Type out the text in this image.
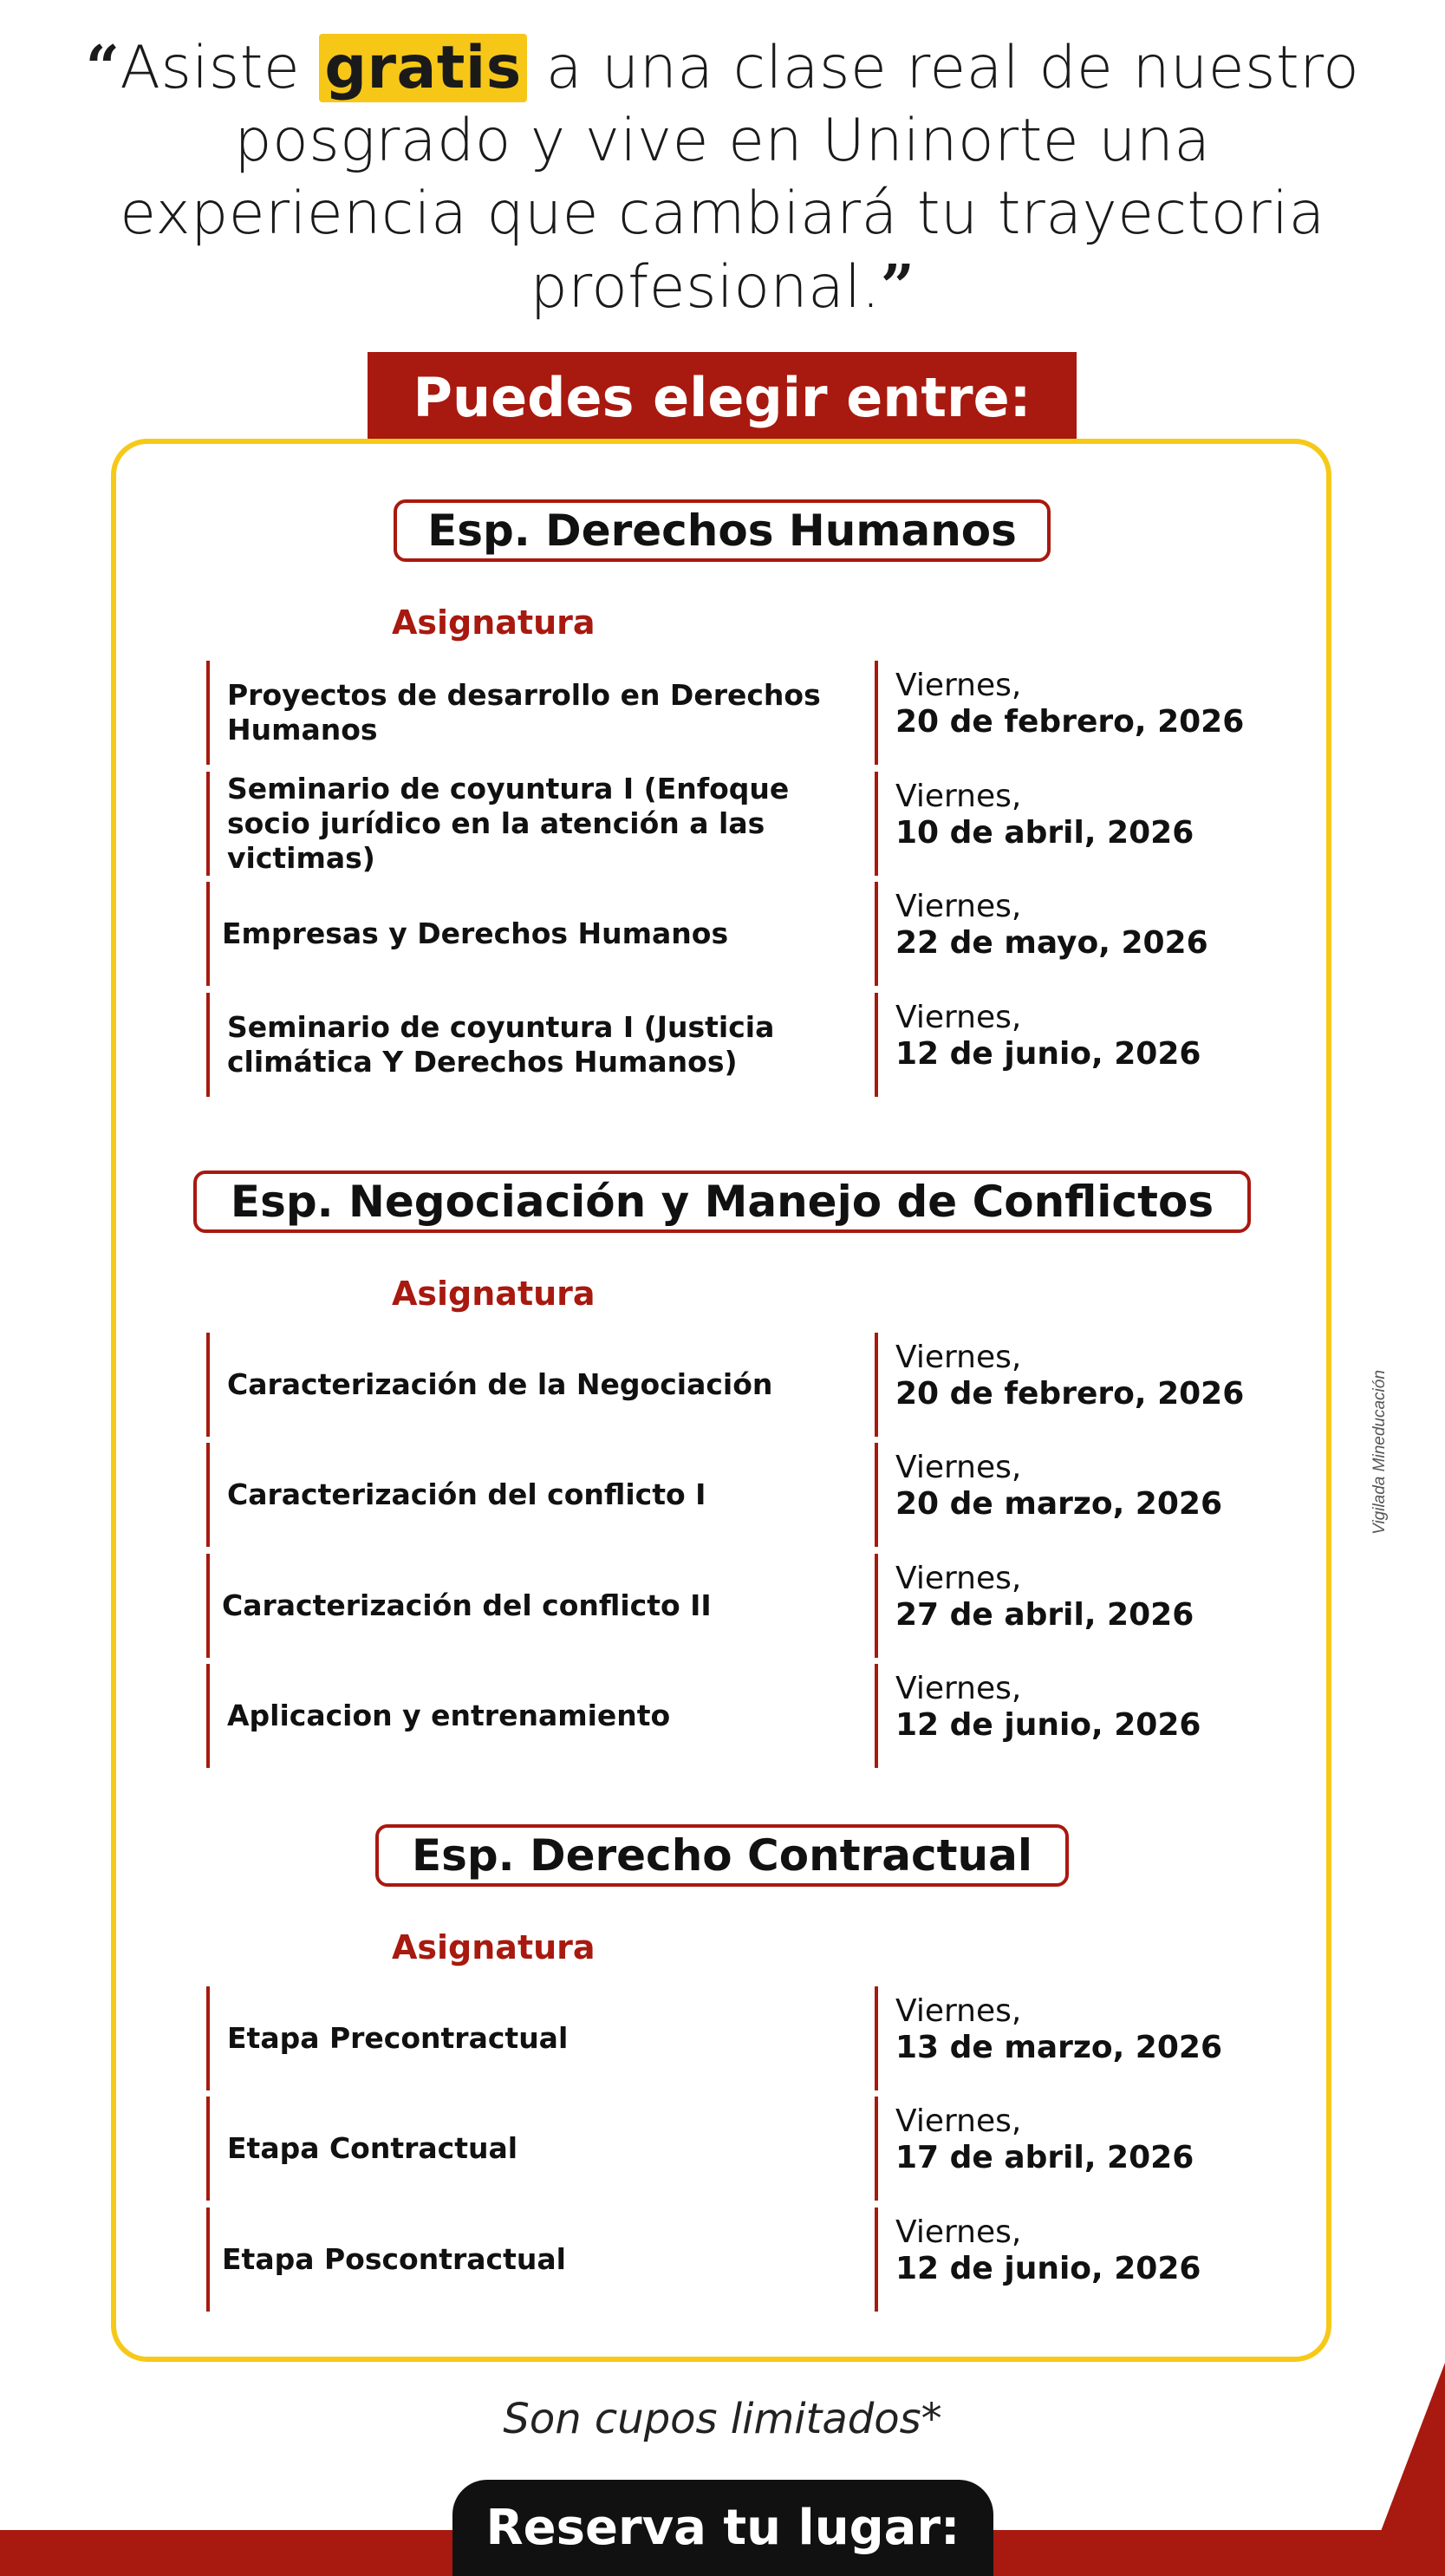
“Asiste gratis a una clase real de nuestro posgrado y vive en Uninorte una experiencia que cambiará tu trayectoria profesional.”
Puedes elegir entre:
Esp. Derechos Humanos
Asignatura
Proyectos de desarrollo en Derechos Humanos
Viernes,
20 de febrero, 2026
Seminario de coyuntura I (Enfoque socio jurídico en la atención a las victimas)
Viernes,
10 de abril, 2026
Empresas y Derechos Humanos
Viernes,
22 de mayo, 2026
Seminario de coyuntura I (Justicia climática Y Derechos Humanos)
Viernes,
12 de junio, 2026
Esp. Negociación y Manejo de Conflictos
Asignatura
Caracterización de la Negociación
Viernes,
20 de febrero, 2026
Caracterización del conflicto I
Viernes,
20 de marzo, 2026
Caracterización del conflicto II
Viernes,
27 de abril, 2026
Aplicacion y entrenamiento
Viernes,
12 de junio, 2026
Esp. Derecho Contractual
Asignatura
Etapa Precontractual
Viernes,
13 de marzo, 2026
Etapa Contractual
Viernes,
17 de abril, 2026
Etapa Poscontractual
Viernes,
12 de junio, 2026
Vigilada Mineducación
Son cupos limitados*
Reserva tu lugar:
